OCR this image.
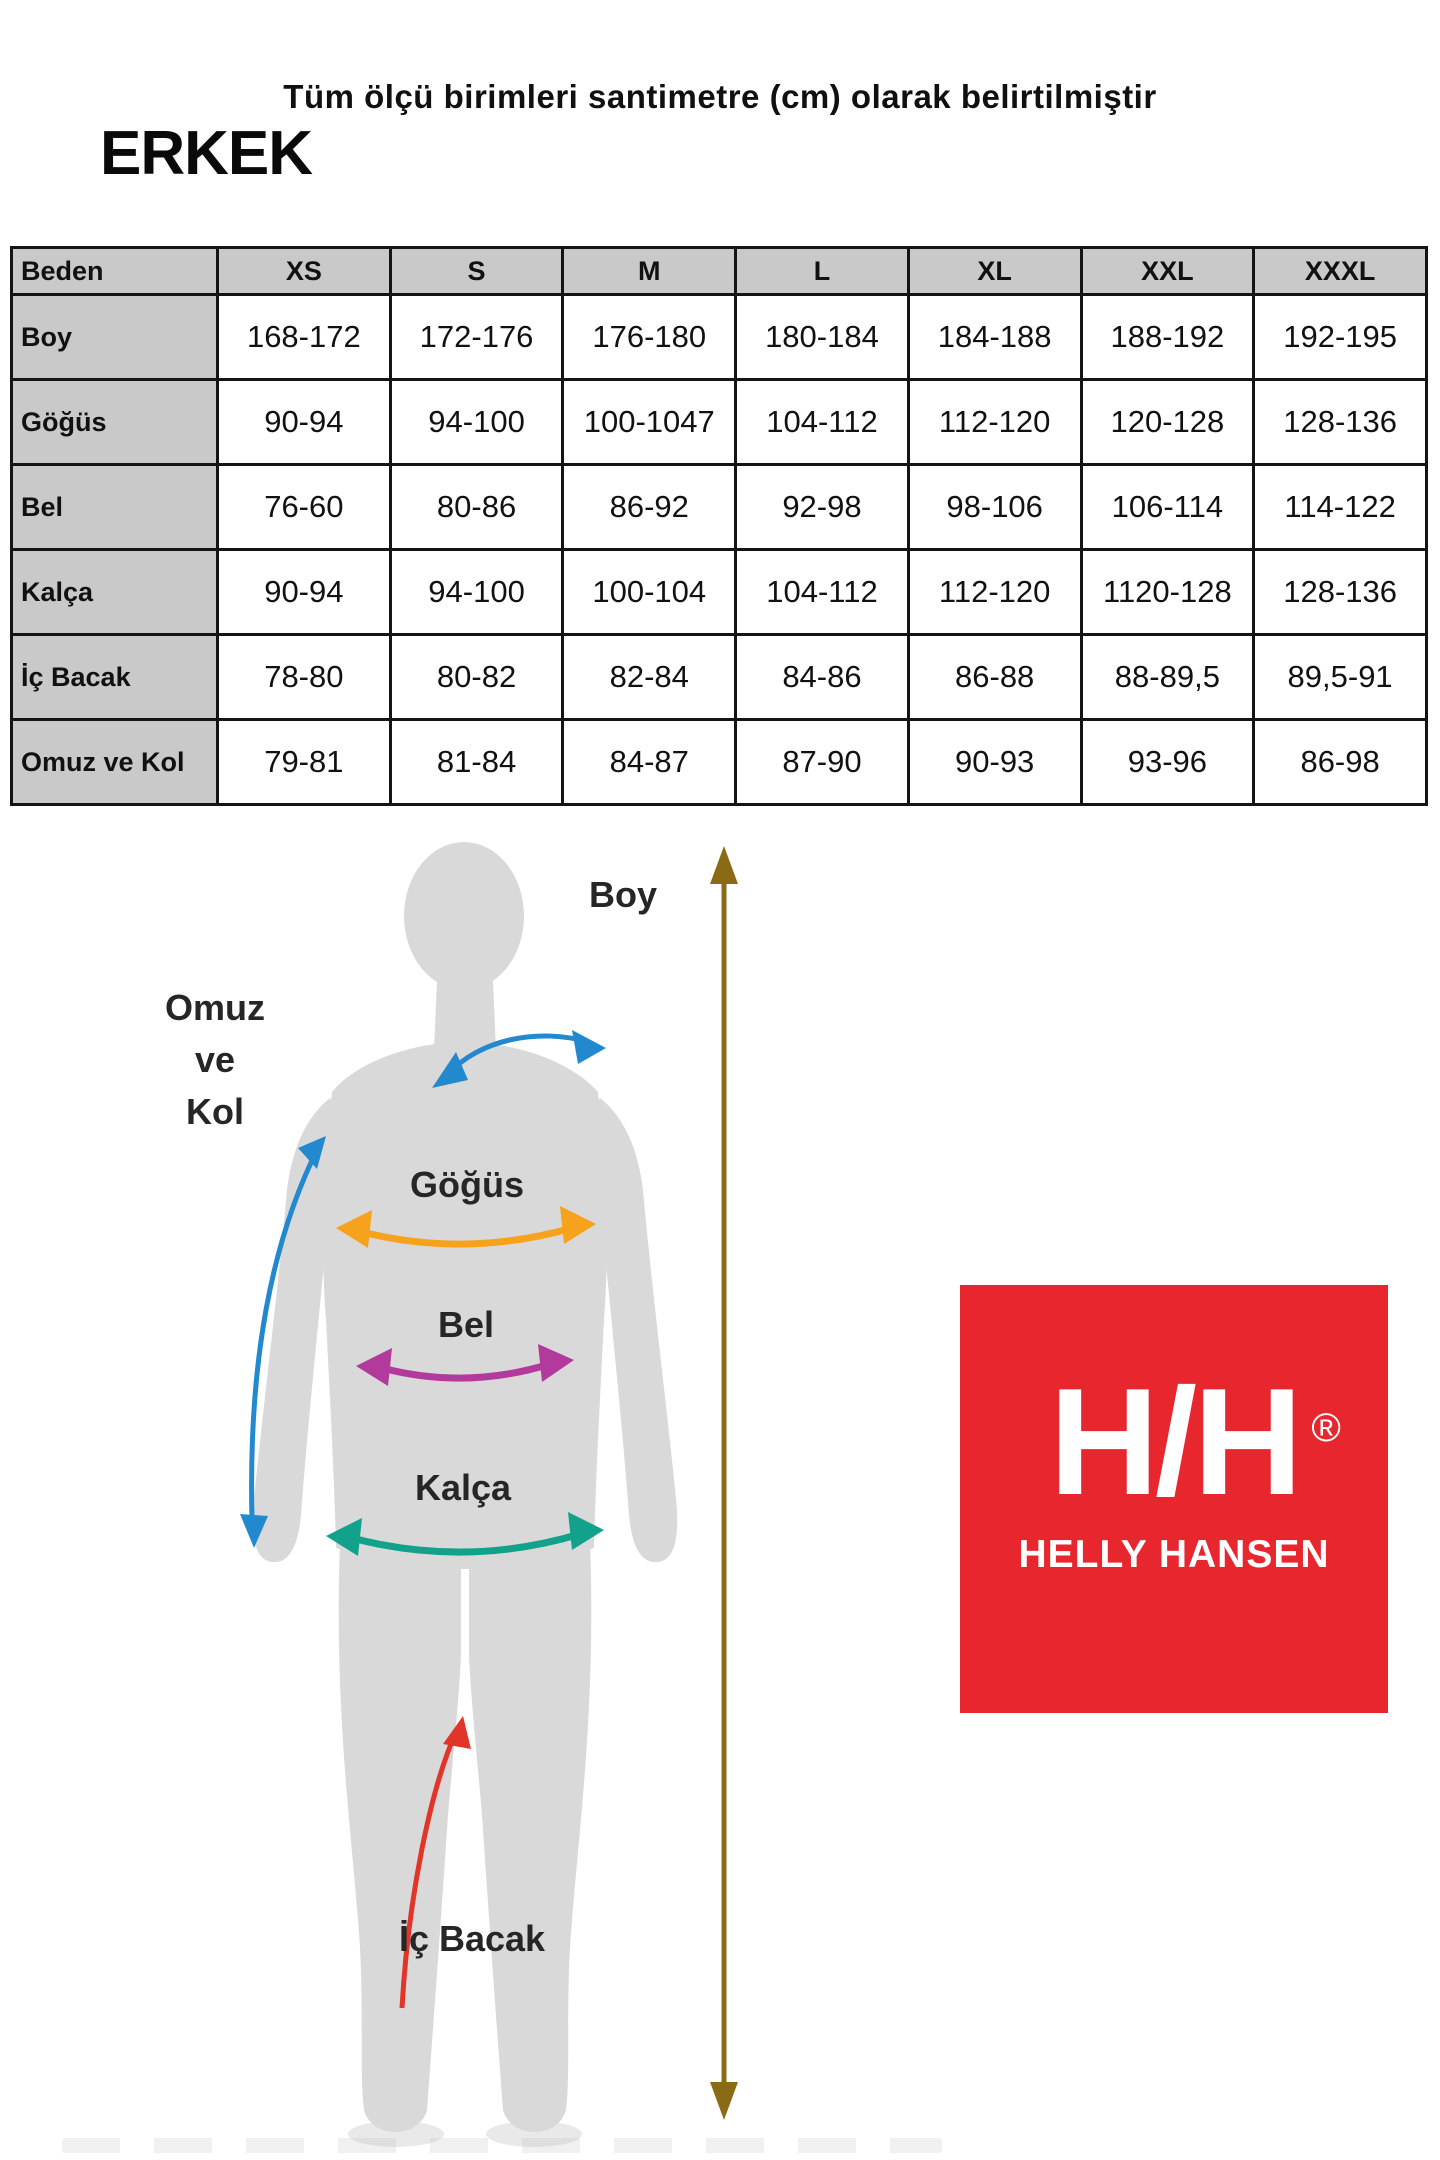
Tüm ölçü birimleri santimetre (cm) olarak belirtilmiştir
ERKEK
Beden	XS	S	M	L	XL	XXL	XXXL
Boy	168-172	172-176	176-180	180-184	184-188	188-192	192-195
Göğüs	90-94	94-100	100-1047	104-112	112-120	120-128	128-136
Bel	76-60	80-86	86-92	92-98	98-106	106-114	114-122
Kalça	90-94	94-100	100-104	104-112	112-120	1120-128	128-136
İç Bacak	78-80	80-82	82-84	84-86	86-88	88-89,5	89,5-91
Omuz ve Kol	79-81	81-84	84-87	87-90	90-93	93-96	86-98
Boy
Omuz
ve
Kol
Göğüs
Bel
Kalça
İç Bacak
H/H ®
HELLY HANSEN
